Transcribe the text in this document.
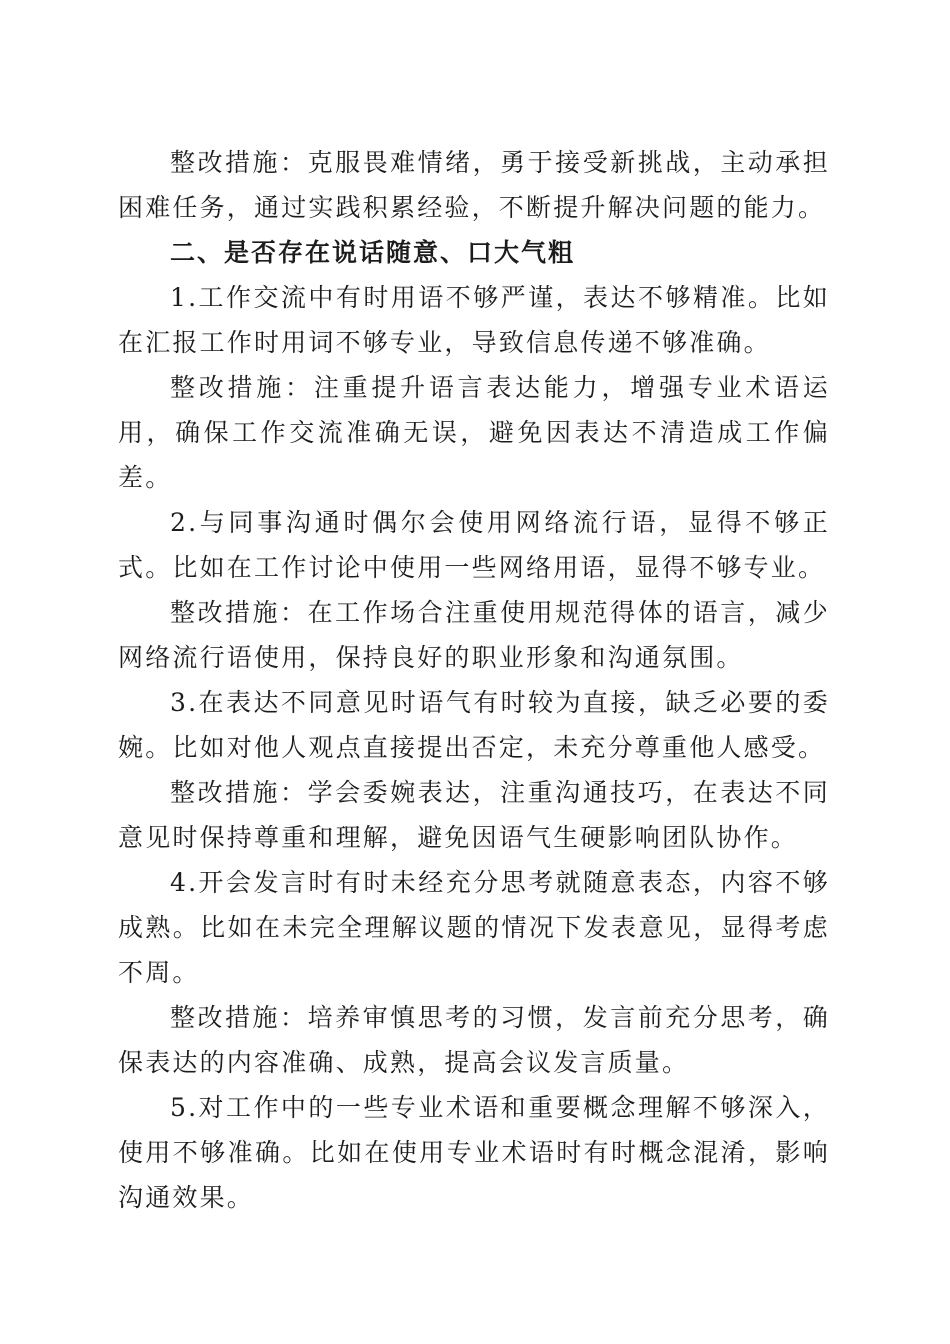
整改措施：克服畏难情绪，勇于接受新挑战，主动承担困难任务，通过实践积累经验，不断提升解决问题的能力。

二、是否存在说话随意、口大气粗

1.工作交流中有时用语不够严谨，表达不够精准。比如在汇报工作时用词不够专业，导致信息传递不够准确。

整改措施：注重提升语言表达能力，增强专业术语运用，确保工作交流准确无误，避免因表达不清造成工作偏差。

2.与同事沟通时偶尔会使用网络流行语，显得不够正式。比如在工作讨论中使用一些网络用语，显得不够专业。

整改措施：在工作场合注重使用规范得体的语言，减少网络流行语使用，保持良好的职业形象和沟通氛围。

3.在表达不同意见时语气有时较为直接，缺乏必要的委婉。比如对他人观点直接提出否定，未充分尊重他人感受。

整改措施：学会委婉表达，注重沟通技巧，在表达不同意见时保持尊重和理解，避免因语气生硬影响团队协作。

4.开会发言时有时未经充分思考就随意表态，内容不够成熟。比如在未完全理解议题的情况下发表意见，显得考虑不周。

整改措施：培养审慎思考的习惯，发言前充分思考，确保表达的内容准确、成熟，提高会议发言质量。

5.对工作中的一些专业术语和重要概念理解不够深入，使用不够准确。比如在使用专业术语时有时概念混淆，影响沟通效果。
